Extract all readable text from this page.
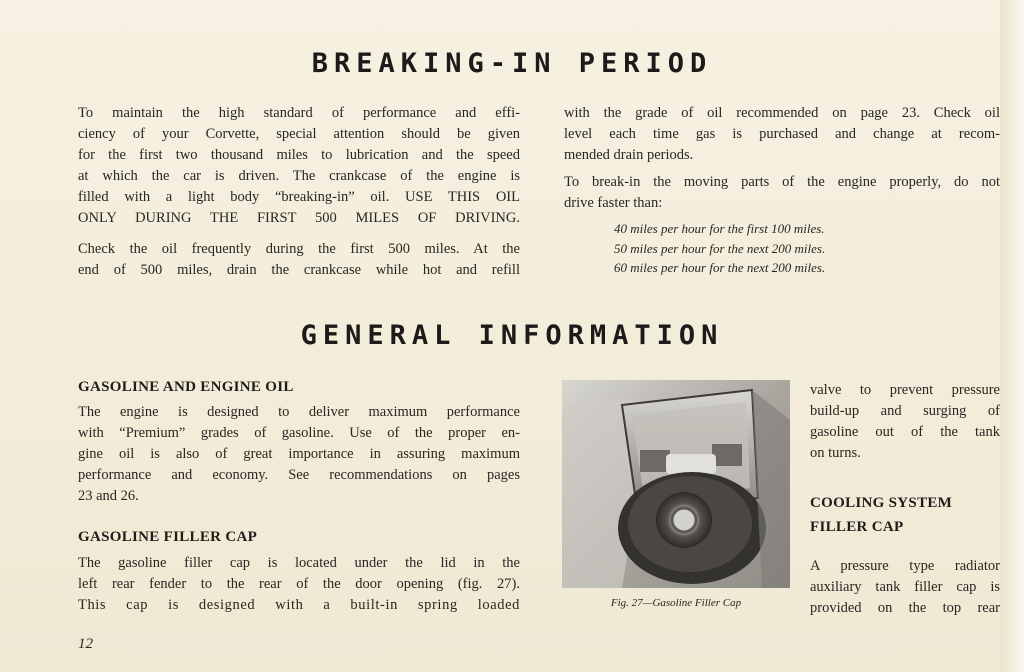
BREAKING-IN PERIOD
To maintain the high standard of performance and effi-
ciency of your Corvette, special attention should be given
for the first two thousand miles to lubrication and the speed
at which the car is driven. The crankcase of the engine is
filled with a light body “breaking-in” oil. USE THIS OIL
ONLY DURING THE FIRST 500 MILES OF DRIVING.
Check the oil frequently during the first 500 miles. At the
end of 500 miles, drain the crankcase while hot and refill
with the grade of oil recommended on page 23. Check oil
level each time gas is purchased and change at recom-
mended drain periods.
To break-in the moving parts of the engine properly, do not
drive faster than:
40 miles per hour for the first 100 miles.
50 miles per hour for the next 200 miles.
60 miles per hour for the next 200 miles.
GENERAL INFORMATION
GASOLINE AND ENGINE OIL
The engine is designed to deliver maximum performance
with “Premium” grades of gasoline. Use of the proper en-
gine oil is also of great importance in assuring maximum
performance and economy. See recommendations on pages
23 and 26.
GASOLINE FILLER CAP
The gasoline filler cap is located under the lid in the
left rear fender to the rear of the door opening (fig. 27).
This cap is designed with a built-in spring loaded	Fig. 27—Gasoline Filler Cap
valve to prevent pressure
build-up and surging of
gasoline out of the tank
on turns.
COOLING SYSTEM
FILLER CAP
A pressure type radiator
auxiliary tank filler cap is
provided on the top rear
12
